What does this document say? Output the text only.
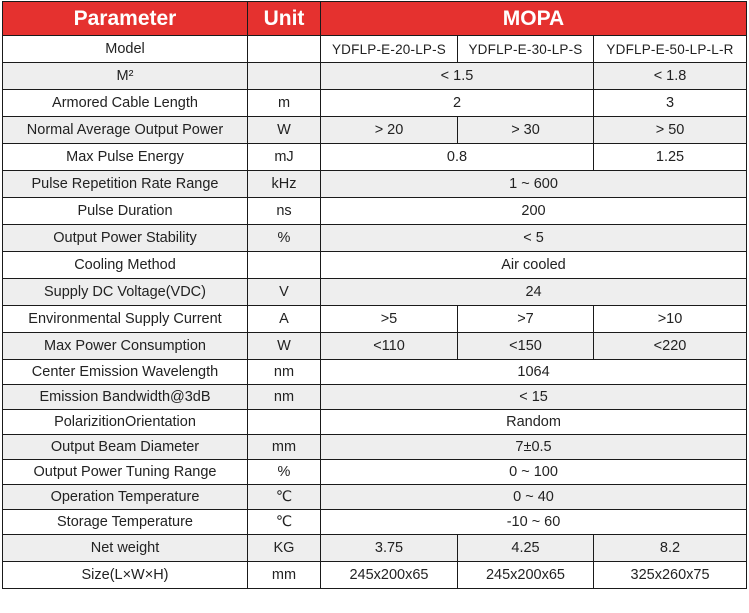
Parameter	Unit	MOPA		
Model		YDFLP-E-20-LP-S	YDFLP-E-30-LP-S	YDFLP-E-50-LP-L-R
M²		< 1.5		< 1.8
Armored Cable Length	m	2		3
Normal Average Output Power	W	> 20	> 30	> 50
Max Pulse Energy	mJ	0.8		1.25
Pulse Repetition Rate Range	kHz	1 ~ 600		
Pulse Duration	ns	200		
Output Power Stability	%	< 5		
Cooling Method		Air cooled		
Supply DC Voltage(VDC)	V	24		
Environmental Supply Current	A	>5	>7	>10
Max Power Consumption	W	<110	<150	<220
Center Emission Wavelength	nm	1064		
Emission Bandwidth@3dB	nm	< 15		
PolarizitionOrientation		Random		
Output Beam Diameter	mm	7±0.5		
Output Power Tuning Range	%	0 ~ 100		
Operation Temperature	℃	0 ~ 40		
Storage Temperature	℃	-10 ~ 60		
Net weight	KG	3.75	4.25	8.2
Size(L×W×H)	mm	245x200x65	245x200x65	325x260x75
